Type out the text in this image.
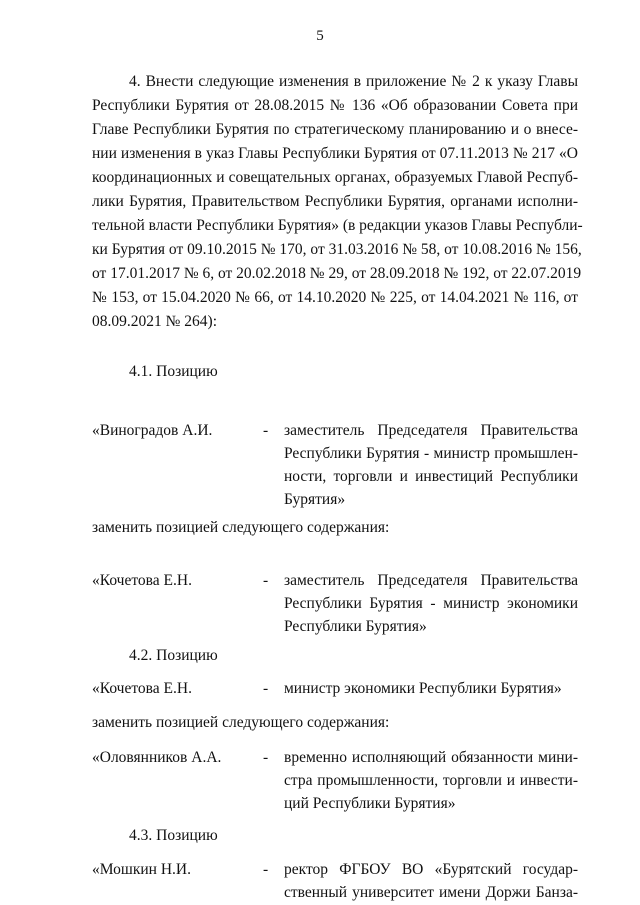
5
4. Внести следующие изменения в приложение № 2 к указу Главы
Республики Бурятия от 28.08.2015 № 136 «Об образовании Совета при
Главе Республики Бурятия по стратегическому планированию и о внесе-
нии изменения в указ Главы Республики Бурятия от 07.11.2013 № 217 «О
координационных и совещательных органах, образуемых Главой Респуб-
лики Бурятия, Правительством Республики Бурятия, органами исполни-
тельной власти Республики Бурятия» (в редакции указов Главы Республи-
ки Бурятия от 09.10.2015 № 170, от 31.03.2016 № 58, от 10.08.2016 № 156,
от 17.01.2017 № 6, от 20.02.2018 № 29, от 28.09.2018 № 192, от 22.07.2019
№ 153, от 15.04.2020 № 66, от 14.10.2020 № 225, от 14.04.2021 № 116, от
08.09.2021 № 264):
4.1. Позицию
«Виноградов А.И.	- заместитель Председателя Правительства
Республики Бурятия - министр промышлен-
ности, торговли и инвестиций Республики
Бурятия»
заменить позицией следующего содержания:
«Кочетова Е.Н.	- заместитель Председателя Правительства
Республики Бурятия - министр экономики
Республики Бурятия»
4.2. Позицию
«Кочетова Е.Н.	- министр экономики Республики Бурятия»
заменить позицией следующего содержания:
«Оловянников А.А.	- временно исполняющий обязанности мини-
стра промышленности, торговли и инвести-
ций Республики Бурятия»
4.3. Позицию
«Мошкин Н.И.	- ректор ФГБОУ ВО «Бурятский государ-
ственный университет имени Доржи Банза-
